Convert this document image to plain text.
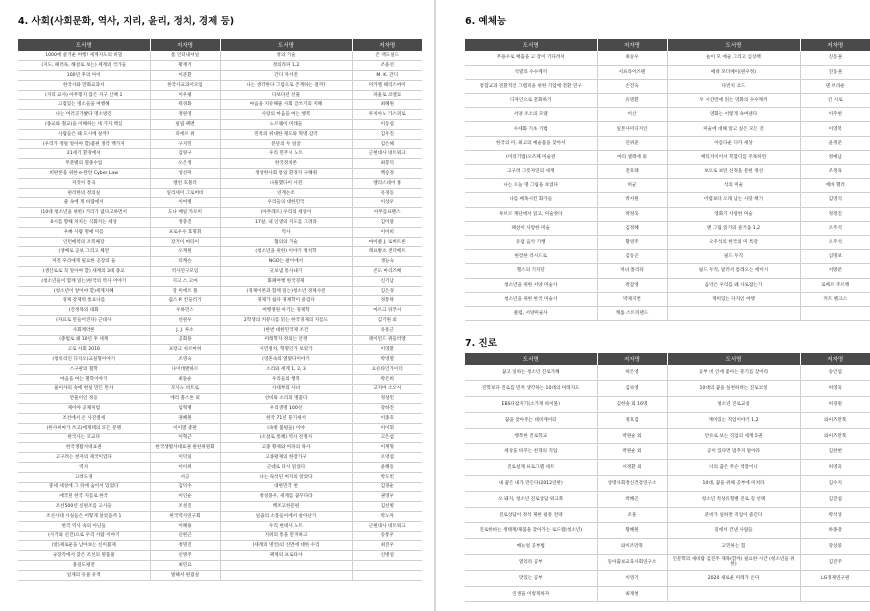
4. 사회(사회문화, 역사, 지리, 윤리, 정치, 경제 등)
도서명	저자명	도서명	저자명
1000에 즐거운 여행! 세계지도의 비밀	톰 인터내셔널	정의 기술	존 맥도널드
(지도, 패러독, 해설로 보는) 세계의 국가들	황재기	정의라파 1,2	조용선
100년 후의 아이	이준환	간디 자서전	M. K. 간디
한국사와 만화교과서	한국사교과서모임	나는 생각한다 그럼으로 존재하는 걸까?	미카엘 해리스마이
(지리 교사) 아무렇지 않은 지구 산책 1	이우평	다보다년 선물	파울로 코엘료
고집있는 명소들을 여행해	곽경화	마음을 치유해줄 사회 글쓰기의 지혜	최혜원
나는 여러곳가봤다 명소방긴	정원영	사랑의 마음을 여는 행복	루치아노 가스퍼로
(종교와 철교)을 이해하는 세 가지 핵심	필립 팩맨	노르웨이 미래들	이동섭
사람들은 왜 도시에 살까?	피에르 위	민족의 위대한 제도와 혁명 감각	김우진
(우리가 정말 알아야 할)불편 생각 백가지	구지민	분단의 두 얼굴	김은혜
21세기 환경에서	김양구	우리 민주시 노트	근현대사 네트워크
무분별의 멸종수업	오은정	한국정치론	최봉덕
비판론을 위한 e-탄탄 Cyber Law	성선미	생성한사회 통일 환경지 구해줘	백승경
저것이 통곡	엘런 호블러	나풀했다이 사전	엘리스네어 홍
편리한의 정의실	일리세이 그로버비	연계논조	유경동
줄 속에 게 바람에서	이여병	우리들의 대한민국	이상우
(10대 청소년을 위한) 거리가 없다고하면서	도나 배일 카포미	(아무래르) 우리의 세상이	아무를프렌스
0시를 향해 처치는 식화지는 세상	정충진	17살, 내 인생의 지도를 그려라	김이랑
우빠 사람 명예 이름	프로우수 효명휘	역사	이이희
인턴매력의 조폭째장	장거이 마타이	협의의 기술	마이클 J. 로버트론
(생배로 공보 그리고 체면	오재원	(청소년을 위한) 이야기 정치학	레프발츠 샌더베트
저것 우리에게 필요한 공장의 둘	티캐슨	NGO는 팔이에서	생능숙
(생산로로 꼭 알아야 할) 세계의 3대 종교	역사연구모임	굿보냄 통사내기	콘도 마리즈베
(청소년들이 함께 읽는)한국의 역사 이야기	지크 스 고마	화폐여행 한국경제	신기남
(청소년이 알아야 할)세계지혜	장 미에르 폴	(경제이론과 함께 읽는)청소년 경제사전	김은경
경제 강제력 통요나를	쥘스 P. 킨들러기	경제가 쉽다 경제학이 즐겁다	정통락
(간정목의 대화	우하민스	여행정원 아기는 경제학	마르크 뒤푸시
(자료로 만들어진다) 근대사	선관우	2학생의 커뮤니를 읽는 한국경제의 지름도	김기원 외
사회계약론	J. J. 루소	(한번 대한민국제 조건	유흥근
(종범로 왜 10년 후 세계	공회용	미래학자 정의는 안정	레이먼드 퀴들러엘
고로 사회 2016	프랑크 쉬르마허	시민정치, 혁명인가 보았가	이영환
(청록리인 디지오)교실형이야기	조영숙	(영혼속의 열렸다이야기	박영렬
스구관의 철학	나이데맨하르	소리와 세계 1, 2, 3	요슈타인가이더
마음을 여는 철학이야기	최돌순	우리들의 행복	박은희
울이샤의 속에 현실 만든 빈사	모사노 비트로	사대부의 사녀	고지마 소오시
만물이인 정등	에리 폴스톤 외	선비와 소리의 명품다	정성민
제이야 공채처럼	임혁병	우리생명 100선	강하진
조선에서 온 사진컬새	권혜원	한국 71년 풍기세서	이종호
(한사씨마가 쓰고)에게테의 모든 문맹	이이열 총판	(속방 불평들) 이야	이이휘
한국사는 모교다	이혁근	(소설로 통해) 역사 진정사	고은섭
한국생활사대표권	한국생활사대표권 편찬위원회	고종 황제와 아파의 목사	이계형
고구려는 천자의 제국이었다	이덕일	고종왕제의 한장가구	오영섭
역사	이이희	근대로 다시 읽었다	윤해동
고려도경	서긍	나는 독석된 여지의 알았다	박도빈
중세 세상에 그 뒤에 숨어서 있었다	김덕수	대한민국 천	김경순
애국된 한국 지름로 한국	이인순	정성몽우, 세계를 꿈꾸다라	권영우
조선500년 신편조를 고사들	조성진	백조고한문편	김선병
조선사대 사실들은 어떻게 살았을까 1	한국역사연구회	일곱의 소통들이에서 살아난기	박노자
한국 역사 속의 아닌들	이혜용	우리 현대사 노트	근현대사 네트워크
(사기와 신진)으로 우리 사람 이야기	신현근	지위의 통을 만지하고	송통우
(알)제로운을 남아보는 신이불제	정명진	(세계의 명언)의 신면에 대한 수리	최진우
규장각에서 찾은 조선의 명품물	신병주	팩재의 프로타샤	신병설
홍길도평전	최민요		
일제의 유물 유적	빌헤서 편집실		
6. 예체능
도서명	저자명	도서명	저자명
무용수로 배출을 고 장이 기다려서	최승우	놀이 모 예술 그리고 심상책	진동권
석열의 수수께끼	서프라이즈텐	메락 모더베이(원우정)	진동권
통합교과 전환적인 그렘픽을 위한 기업에 전환 연구	손진숙	다빈치 코드	댄 브라운
디자인으로 문화하기	유명환	두 시간만에 읽는 영화의 수수께끼	긴 시로
서양 조소의 모델	어산	영화는 이렇게 속여낸다	이주현
수세화 기초 기법	일본사미디지인	미술에 대해 알고 싶은 모든 것	이영복
한국의 미, 최고의 예술품을 찾아서	인위준	아름다운 디카 세상	윤정준
(미리기법)오즈페 미술관	마리 셸레에 외	베티지이어서 복합디를 주목하면	정예남
고구려 그릇자연의 세계	전호태	보으로 보던 신정을 문헌 정선	조정육
나는 오늘 명 그림을 보었다	허균	석의 미술	에바 헬러
나를 매혹시킨 화가들	박서원	어렵보다 오래 남는 사랑 책기	김영석
루브르 계단에서 읽고, 미술찻다	박정욱	영화기 사랑한 미술	정정진
패션이 사랑한 미술	김정혜	맨 그림 읽기의 즐거움 1,2	오주석
유럽 음악 기행	황영주	오주석의 한국의 미 특강	오주석
현장한 러시드로	김동곤	필드 두직	심명보
헬스의 기지단	저녀 폴리타	필드 두직, 말러서 틈레오는 에이시	서방준
청소년을 위한 서양 미술사	박갑영	음악은 우리를 왜 사로잡는가	로베르 주르뱅
청소년을 위한 한국 미술사	박제지면	재미있는 다지인 여행	커트 헨크스
클럽, 서양미술사	캐롤 스트릭랜드		
7. 진로
도서명	저자명	도서명	저자명
꿈고 일하는 청소년 진로가해	허은영	공부 비 인에 좋아는 흥기를 찾아라	송인섭
진학보다 진로를 먼저 생각하는 10대의 미래지도	김보영	10대의 꿈을 실천하려는 진로코칭	허영욱
EBS다잡지기(소가게 바이블)	김한솔 외 16명	청소년 진로교칭	허경원
꿈을 찾아주는 네비게이터	정호검	재미있는 직업이야기 1,2	와이즈만북
행복한 진로학교	박원순 외	안유로 보는 직업의 세계 5권	와이즈만북
세상을 바꾸는 천개의 직업	박원순 외	공이 있다면 멈추지 말아라	김찬현
진로설계 프로그램 세트	서정환 외	너의 꿈은 무슨 색깔이니	허영욱
내 꿈은 내가 만든다(2012년판)	상명사회정신건강연구소	10대, 꿈을 위해 공부에 미쳐라	김수지
오 돼지, 청소년 진로상담 워크북	박혜곤	청소년 적성유형별 진로 길 선택	김진섭
진로상담이 정석 제한 필통 전략	조훈	준비가 일하면 직업이 즐긴다	박석상
진로한바는 생태계/제품을 찾아가는 로드맵(청소년)	황혜원	길에서 건낸 사람들	하종강
매뉴얼 공부법	와이즈만북	고민하는 힘	강상중
열리라 공부	동아출보교육사회연구소	인문학의 새바람 김진주 제목(할까) 필요한 시간 (청소년을 위한)	김진주
맛있는 공부	이영기	2020 새로운 미래가 온다	LG경제연구원
인생을 이렇게하자	최재천		
